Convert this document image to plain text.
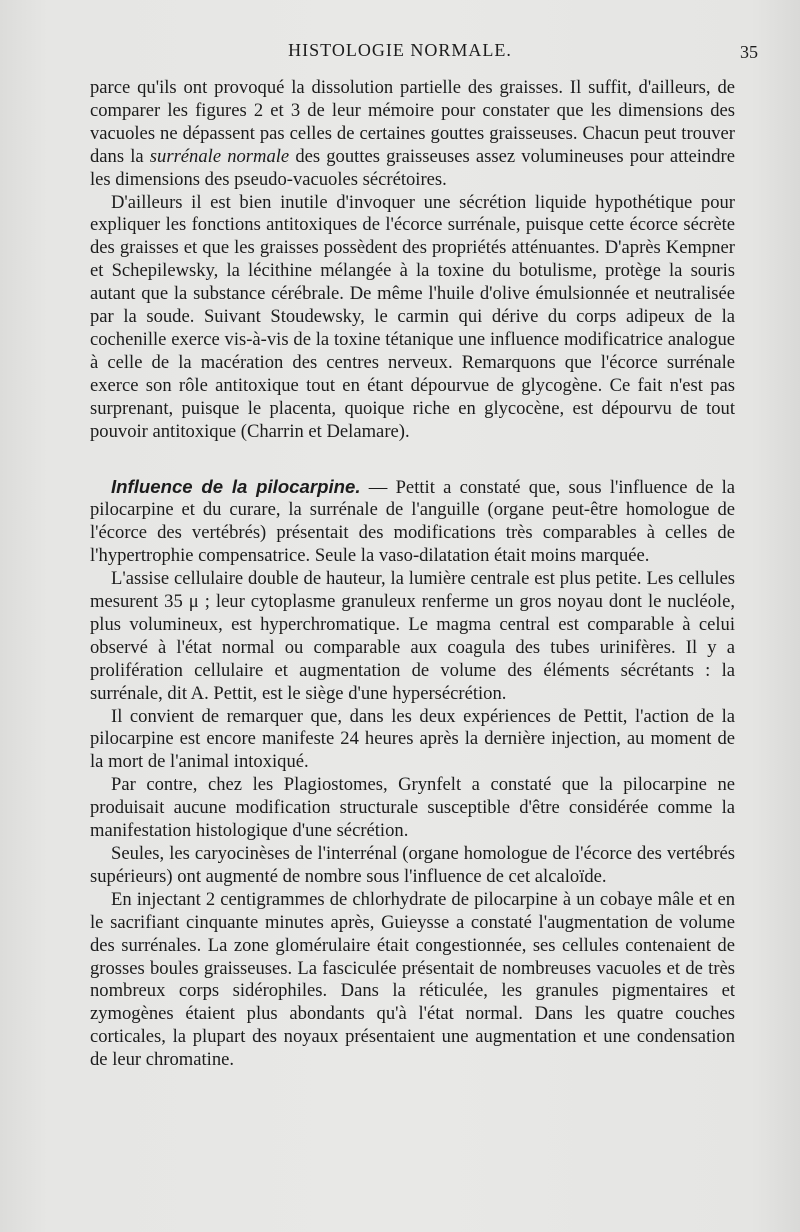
HISTOLOGIE NORMALE.	35

parce qu'ils ont provoqué la dissolution partielle des graisses. Il suffit, d'ailleurs, de comparer les figures 2 et 3 de leur mémoire pour constater que les dimensions des vacuoles ne dépassent pas celles de certaines gouttes graisseuses. Chacun peut trouver dans la surrénale normale des gouttes graisseuses assez volumineuses pour atteindre les dimensions des pseudo-vacuoles sécrétoires.

D'ailleurs il est bien inutile d'invoquer une sécrétion liquide hypothétique pour expliquer les fonctions antitoxiques de l'écorce surrénale, puisque cette écorce sécrète des graisses et que les graisses possèdent des propriétés atténuantes. D'après Kempner et Schepilewsky, la lécithine mélangée à la toxine du botulisme, protège la souris autant que la substance cérébrale. De même l'huile d'olive émulsionnée et neutralisée par la soude. Suivant Stoudewsky, le carmin qui dérive du corps adipeux de la cochenille exerce vis-à-vis de la toxine tétanique une influence modificatrice analogue à celle de la macération des centres nerveux. Remarquons que l'écorce surrénale exerce son rôle antitoxique tout en étant dépourvue de glycogène. Ce fait n'est pas surprenant, puisque le placenta, quoique riche en glycocène, est dépourvu de tout pouvoir antitoxique (Charrin et Delamare).

Influence de la pilocarpine. — Pettit a constaté que, sous l'influence de la pilocarpine et du curare, la surrénale de l'anguille (organe peut-être homologue de l'écorce des vertébrés) présentait des modifications très comparables à celles de l'hypertrophie compensatrice. Seule la vaso-dilatation était moins marquée.

L'assise cellulaire double de hauteur, la lumière centrale est plus petite. Les cellules mesurent 35 μ ; leur cytoplasme granuleux renferme un gros noyau dont le nucléole, plus volumineux, est hyperchromatique. Le magma central est comparable à celui observé à l'état normal ou comparable aux coagula des tubes urinifères. Il y a prolifération cellulaire et augmentation de volume des éléments sécrétants : la surrénale, dit A. Pettit, est le siège d'une hypersécrétion.

Il convient de remarquer que, dans les deux expériences de Pettit, l'action de la pilocarpine est encore manifeste 24 heures après la dernière injection, au moment de la mort de l'animal intoxiqué.

Par contre, chez les Plagiostomes, Grynfelt a constaté que la pilocarpine ne produisait aucune modification structurale susceptible d'être considérée comme la manifestation histologique d'une sécrétion.

Seules, les caryocinèses de l'interrénal (organe homologue de l'écorce des vertébrés supérieurs) ont augmenté de nombre sous l'influence de cet alcaloïde.

En injectant 2 centigrammes de chlorhydrate de pilocarpine à un cobaye mâle et en le sacrifiant cinquante minutes après, Guieysse a constaté l'augmentation de volume des surrénales. La zone glomérulaire était congestionnée, ses cellules contenaient de grosses boules graisseuses. La fasciculée présentait de nombreuses vacuoles et de très nombreux corps sidérophiles. Dans la réticulée, les granules pigmentaires et zymogènes étaient plus abondants qu'à l'état normal. Dans les quatre couches corticales, la plupart des noyaux présentaient une augmentation et une condensation de leur chromatine.
